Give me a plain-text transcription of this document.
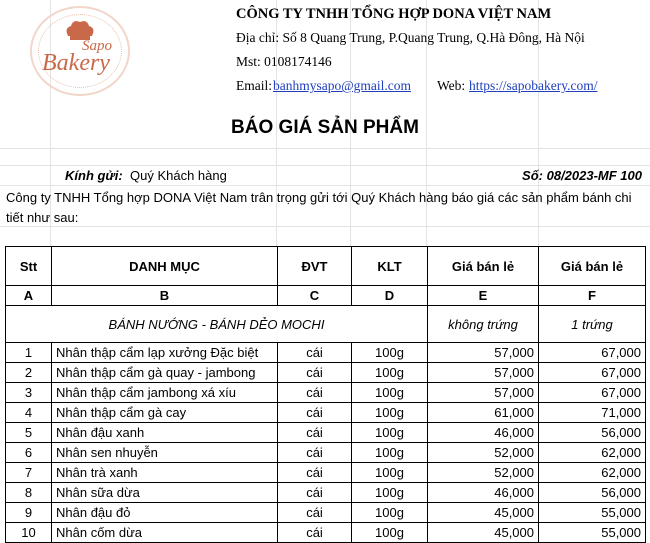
Sapo
Bakery
CÔNG TY TNHH TỔNG HỢP DONA VIỆT NAM
Địa chỉ: Số 8 Quang Trung, P.Quang Trung, Q.Hà Đông, Hà Nội
Mst: 0108174146
Email: banhmysapo@gmail.com Web: https://sapobakery.com/
BÁO GIÁ SẢN PHẨM
Kính gửi: Quý Khách hàng	Số: 08/2023-MF 100
Công ty TNHH Tổng hợp DONA Việt Nam trân trọng gửi tới Quý Khách hàng báo giá các sản phẩm bánh chi tiết như sau:
Stt	DANH MỤC	ĐVT	KLT	Giá bán lẻ	Giá bán lẻ
A	B	C	D	E	F
BÁNH NƯỚNG - BÁNH DẺO MOCHI				không trứng	1 trứng
1	Nhân thập cẩm lạp xưởng Đặc biệt	cái	100g	57,000	67,000
2	Nhân thập cẩm gà quay - jambong	cái	100g	57,000	67,000
3	Nhân thập cẩm jambong xá xíu	cái	100g	57,000	67,000
4	Nhân thập cẩm gà cay	cái	100g	61,000	71,000
5	Nhân đậu xanh	cái	100g	46,000	56,000
6	Nhân sen nhuyễn	cái	100g	52,000	62,000
7	Nhân trà xanh	cái	100g	52,000	62,000
8	Nhân sữa dừa	cái	100g	46,000	56,000
9	Nhân đậu đỏ	cái	100g	45,000	55,000
10	Nhân cốm dừa	cái	100g	45,000	55,000
